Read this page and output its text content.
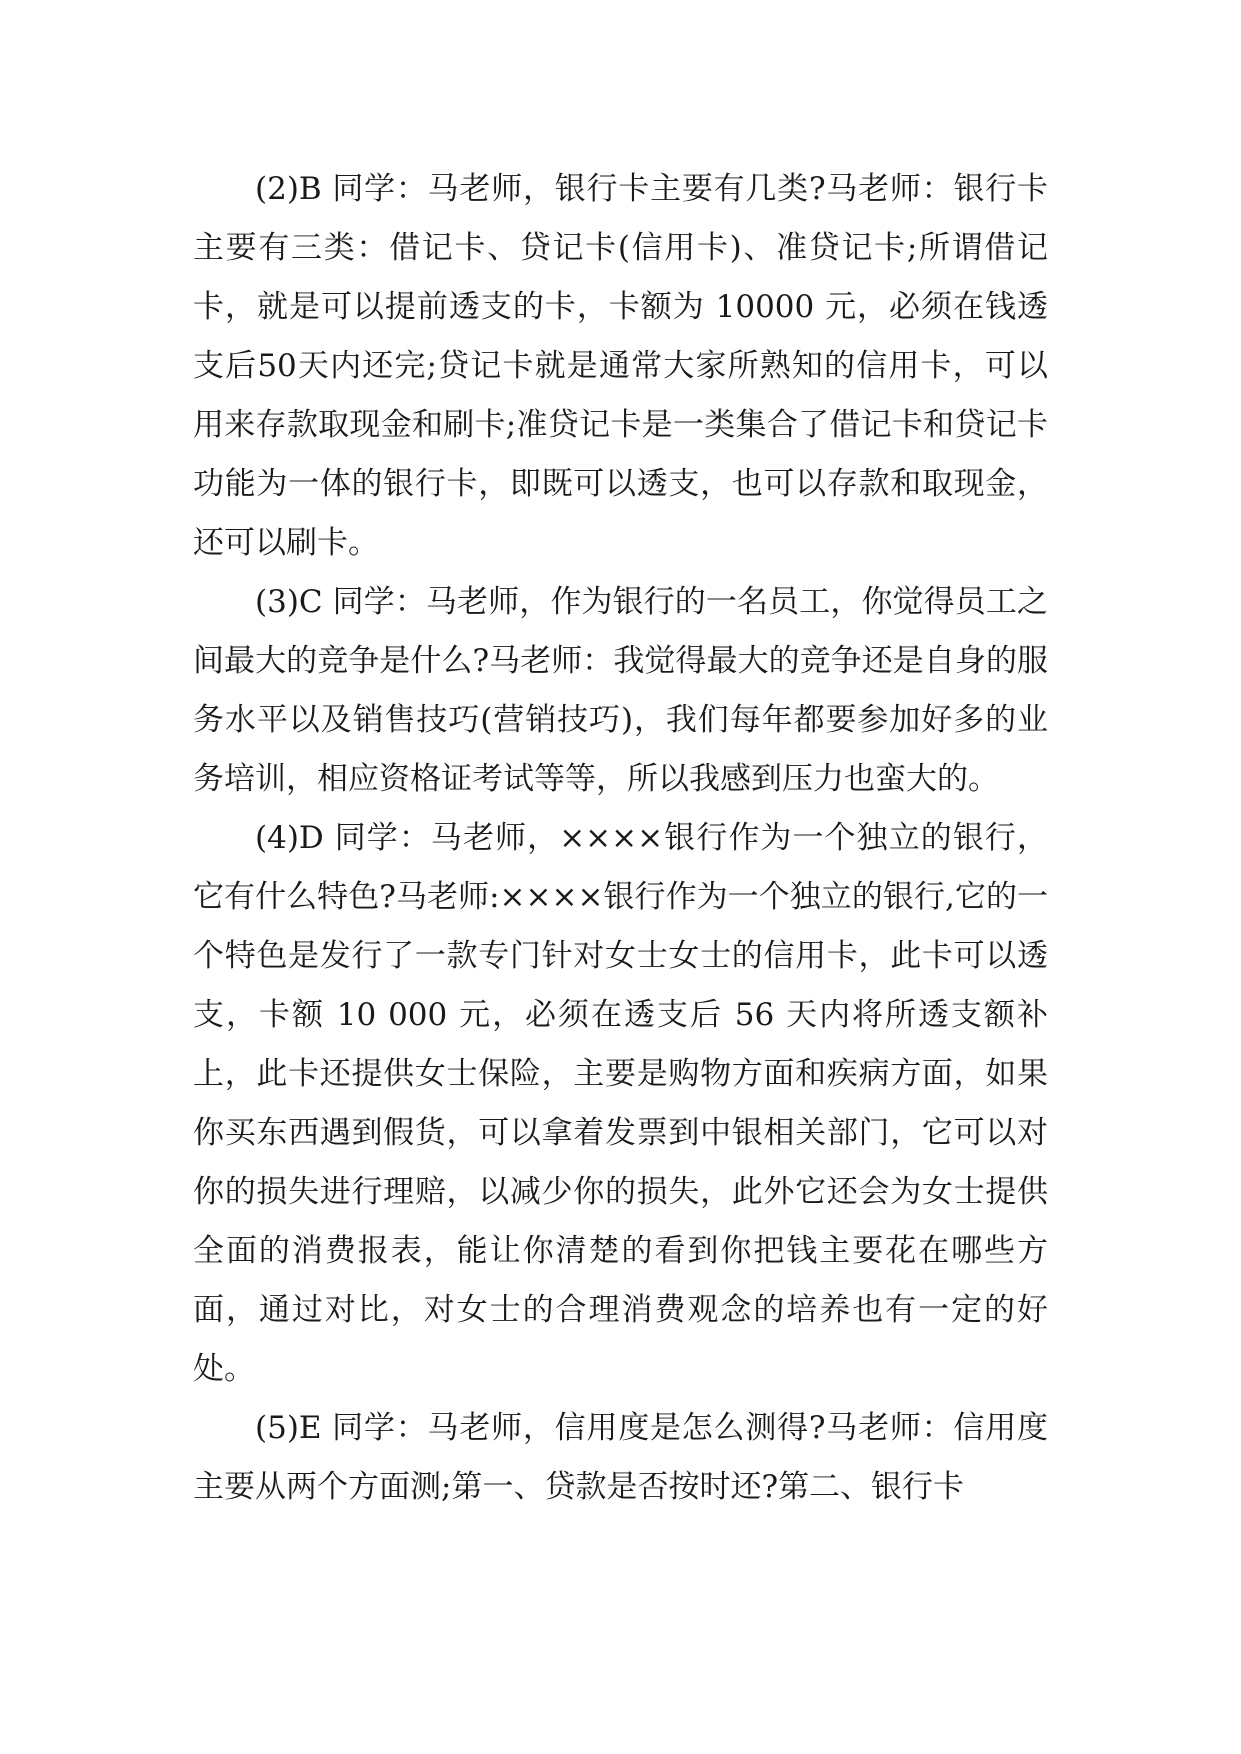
(2)B 同学：马老师，银行卡主要有几类?马老师：银行卡主要有三类：借记卡、贷记卡(信用卡)、准贷记卡;所谓借记卡，就是可以提前透支的卡，卡额为 10000 元，必须在钱透支后50天内还完;贷记卡就是通常大家所熟知的信用卡，可以用来存款取现金和刷卡;准贷记卡是一类集合了借记卡和贷记卡功能为一体的银行卡，即既可以透支，也可以存款和取现金，还可以刷卡。

(3)C 同学：马老师，作为银行的一名员工，你觉得员工之间最大的竞争是什么?马老师：我觉得最大的竞争还是自身的服务水平以及销售技巧(营销技巧)，我们每年都要参加好多的业务培训，相应资格证考试等等，所以我感到压力也蛮大的。

(4)D 同学：马老师，××××银行作为一个独立的银行，它有什么特色?马老师:××××银行作为一个独立的银行,它的一个特色是发行了一款专门针对女士女士的信用卡，此卡可以透支，卡额 10 000 元，必须在透支后 56 天内将所透支额补上，此卡还提供女士保险，主要是购物方面和疾病方面，如果你买东西遇到假货，可以拿着发票到中银相关部门，它可以对你的损失进行理赔，以减少你的损失，此外它还会为女士提供全面的消费报表，能让你清楚的看到你把钱主要花在哪些方面，通过对比，对女士的合理消费观念的培养也有一定的好处。

(5)E 同学：马老师，信用度是怎么测得?马老师：信用度主要从两个方面测;第一、贷款是否按时还?第二、银行卡
